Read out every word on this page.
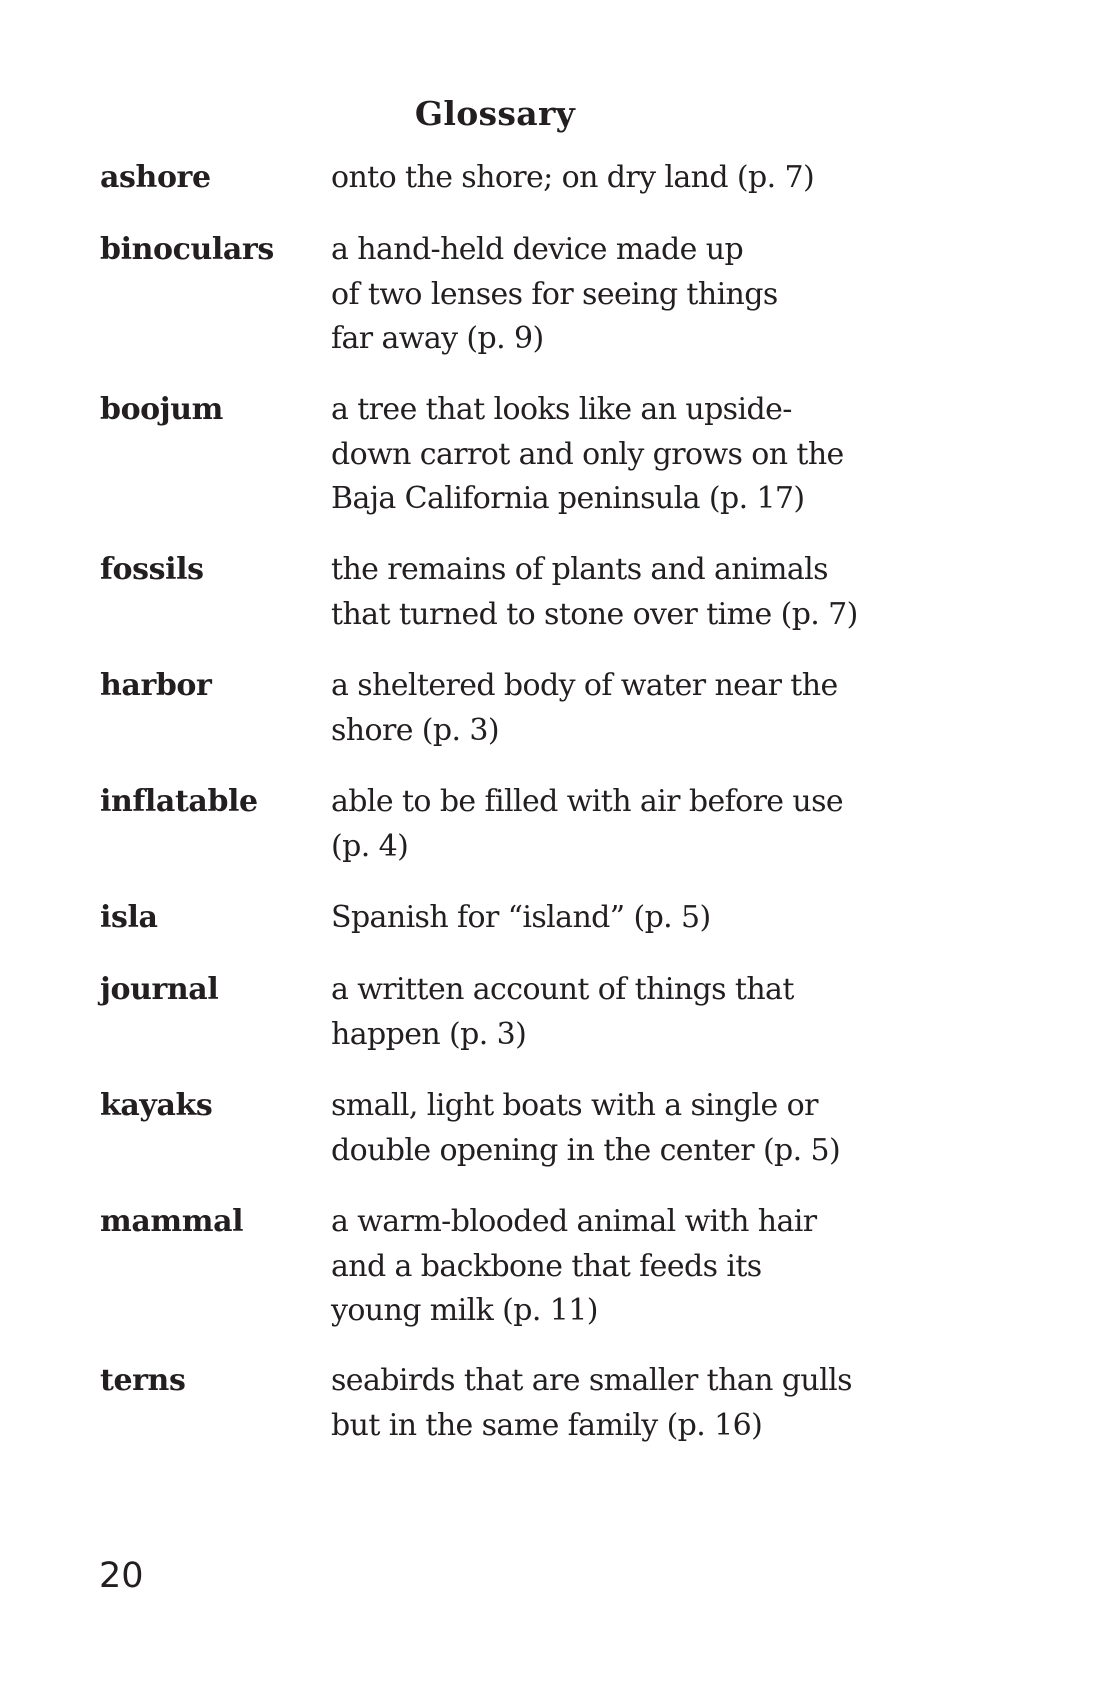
Glossary
ashore	onto the shore; on dry land (p. 7)
binoculars a hand-held device made up
of two lenses for seeing things
far away (p. 9)
boojum	a tree that looks like an upside-
down carrot and only grows on the
Baja California peninsula (p. 17)
fossils	the remains of plants and animals
that turned to stone over time (p. 7)
harbor	a sheltered body of water near the
shore (p. 3)
inflatable able to be filled with air before use
(p. 4)
isla	Spanish for “island” (p. 5)
journal	a written account of things that
happen (p. 3)
kayaks	small, light boats with a single or
double opening in the center (p. 5)
mammal	a warm-blooded animal with hair
and a backbone that feeds its
young milk (p. 11)
terns	seabirds that are smaller than gulls
but in the same family (p. 16)
20
